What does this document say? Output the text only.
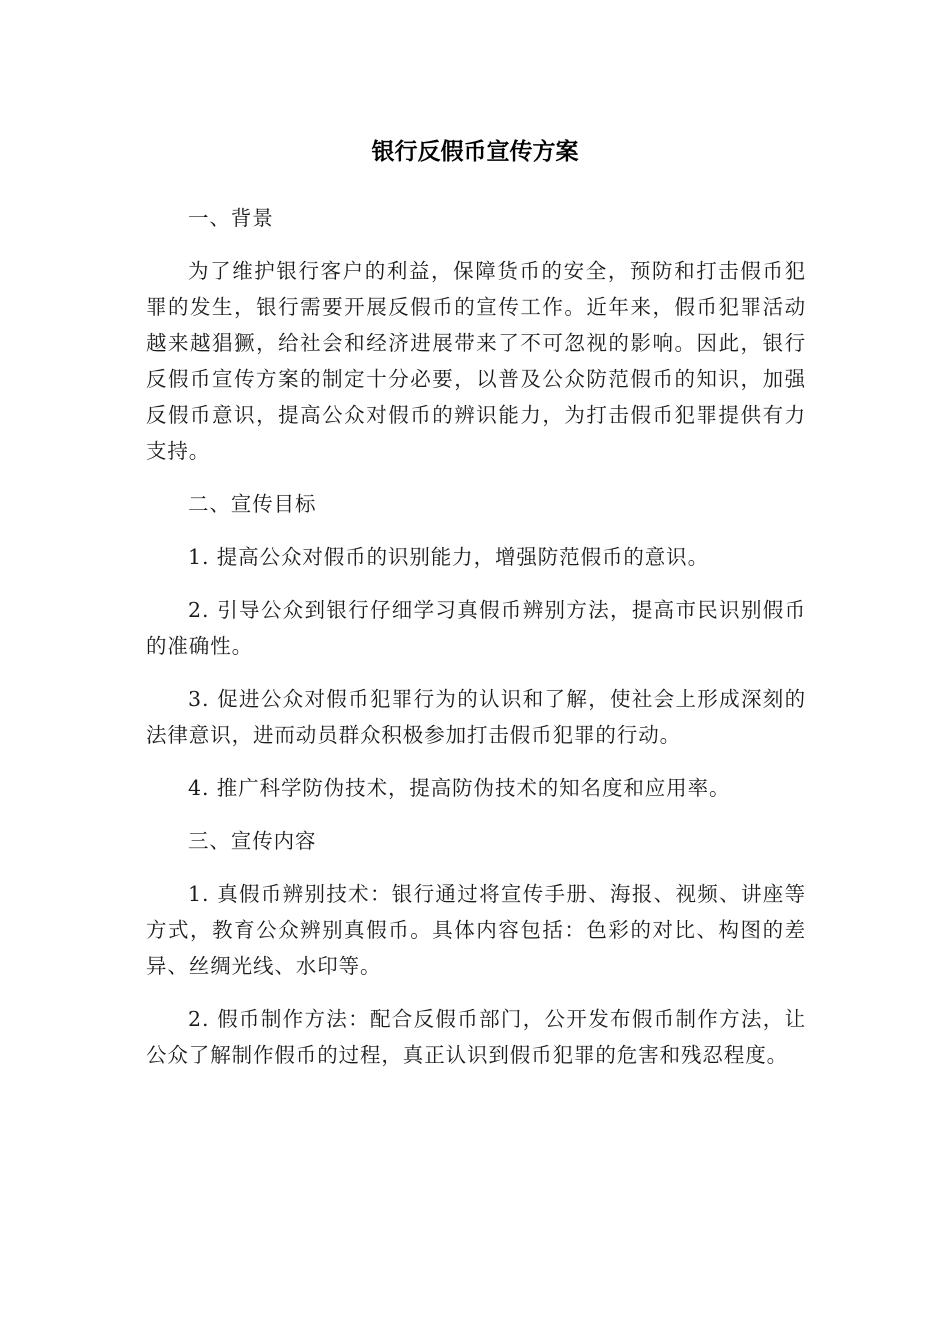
银行反假币宣传方案

一、背景

为了维护银行客户的利益，保障货币的安全，预防和打击假币犯罪的发生，银行需要开展反假币的宣传工作。近年来，假币犯罪活动越来越猖獗，给社会和经济进展带来了不可忽视的影响。因此，银行反假币宣传方案的制定十分必要，以普及公众防范假币的知识，加强反假币意识，提高公众对假币的辨识能力，为打击假币犯罪提供有力支持。

二、宣传目标

1. 提高公众对假币的识别能力，增强防范假币的意识。

2. 引导公众到银行仔细学习真假币辨别方法，提高市民识别假币的准确性。

3. 促进公众对假币犯罪行为的认识和了解，使社会上形成深刻的法律意识，进而动员群众积极参加打击假币犯罪的行动。

4. 推广科学防伪技术，提高防伪技术的知名度和应用率。

三、宣传内容

1. 真假币辨别技术：银行通过将宣传手册、海报、视频、讲座等方式，教育公众辨别真假币。具体内容包括：色彩的对比、构图的差异、丝绸光线、水印等。

2. 假币制作方法：配合反假币部门，公开发布假币制作方法，让公众了解制作假币的过程，真正认识到假币犯罪的危害和残忍程度。
